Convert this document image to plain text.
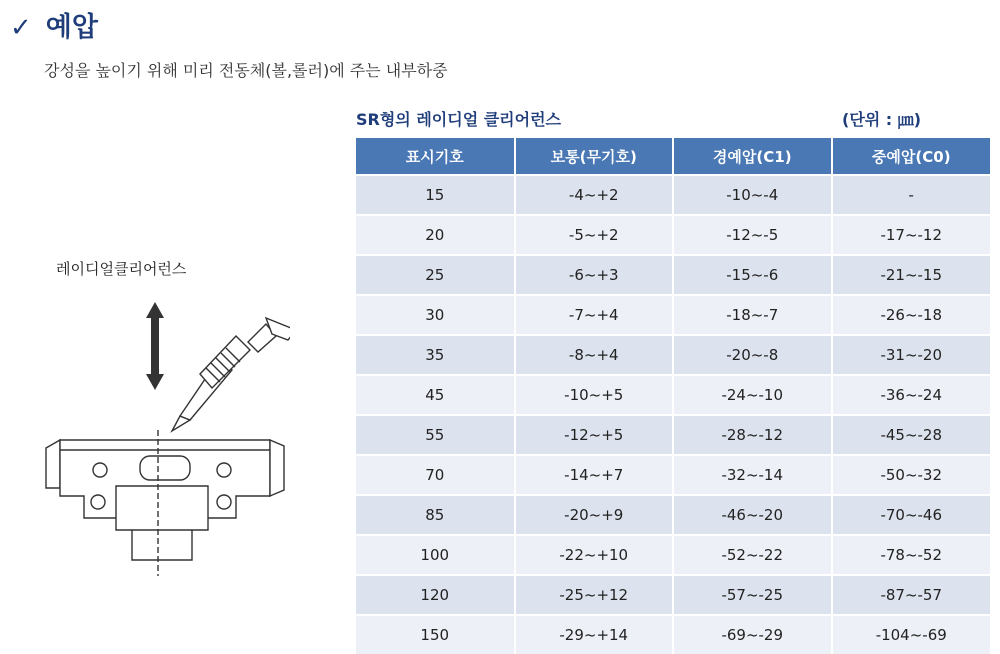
✓ 예압
강성을 높이기 위해 미리 전동체(볼,롤러)에 주는 내부하중
레이디얼클리어런스
SR형의 레이디얼 클리어런스	(단위 : ㎛)
표시기호	보통(무기호)	경예압(C1)	중예압(C0)
15	-4~+2	-10~-4	-
20	-5~+2	-12~-5	-17~-12
25	-6~+3	-15~-6	-21~-15
30	-7~+4	-18~-7	-26~-18
35	-8~+4	-20~-8	-31~-20
45	-10~+5	-24~-10	-36~-24
55	-12~+5	-28~-12	-45~-28
70	-14~+7	-32~-14	-50~-32
85	-20~+9	-46~-20	-70~-46
100	-22~+10	-52~-22	-78~-52
120	-25~+12	-57~-25	-87~-57
150	-29~+14	-69~-29	-104~-69
